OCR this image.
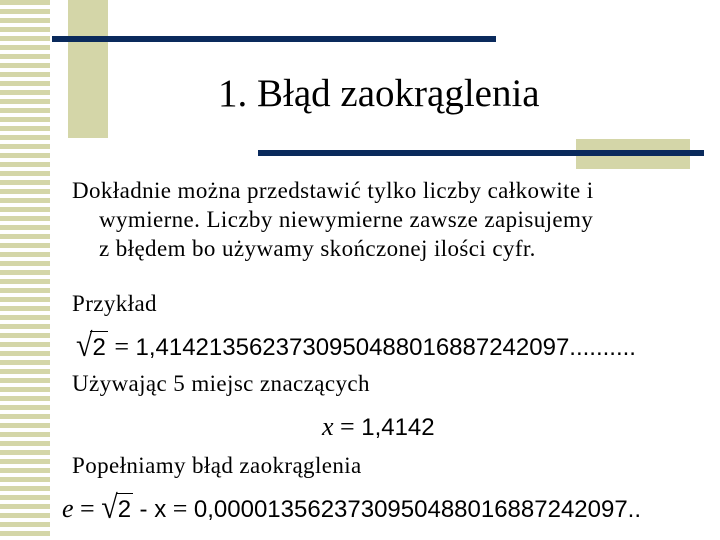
1. Błąd zaokrąglenia
Dokładnie można przedstawić tylko liczby całkowite i
wymierne. Liczby niewymierne zawsze zapisujemy
z błędem bo używamy skończonej ilości cyfr.
Przykład
√2 = 1,4142135623730950488016887242097..........
Używając 5 miejsc znaczących
x = 1,4142
Popełniamy błąd zaokrąglenia
e = √2 - x = 0,0000135623730950488016887242097..
